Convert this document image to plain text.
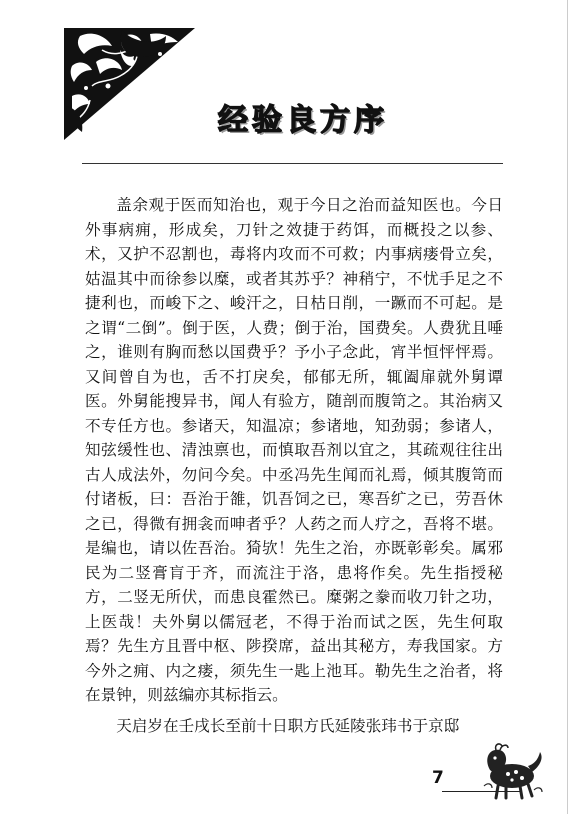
经验良方序

盖余观于医而知治也，观于今日之治而益知医也。今日外事病痈，形成矣，刀针之效捷于药饵，而概投之以参、术，又护不忍割也，毒将内攻而不可救；内事病瘘骨立矣，姑温其中而徐参以糜，或者其苏乎？神稍宁，不忧手足之不捷利也，而峻下之、峻汗之，日枯日削，一蹶而不可起。是之谓“二倒”。倒于医，人费；倒于治，国费矣。人费犹且唾之，谁则有胸而愁以国费乎？予小子念此，宵半恒怦怦焉。又间曾自为也，舌不打戾矣，郁郁无所，辄阖扉就外舅谭医。外舅能搜异书，闻人有验方，随剖而腹笥之。其治病又不专任方也。参诸天，知温凉；参诸地，知劲弱；参诸人，知弦缓性也、清浊禀也，而慎取吾剂以宜之，其疏观往往出古人成法外，勿问今矣。中丞冯先生闻而礼焉，倾其腹笥而付诸板，曰：吾治于雒，饥吾饲之已，寒吾纩之已，劳吾休之已，得微有拥衾而呻者乎？人药之而人疗之，吾将不堪。是编也，请以佐吾治。猗欤！先生之治，亦既彰彰矣。属邪民为二竖膏肓于齐，而流注于洛，患将作矣。先生指授秘方，二竖无所伏，而患良霍然已。糜粥之豢而收刀针之功，上医哉！夫外舅以儒冠老，不得于治而试之医，先生何取焉？先生方且晋中枢、陟揆席，益出其秘方，寿我国家。方今外之痈、内之瘘，须先生一匙上池耳。勒先生之治者，将在景钟，则兹编亦其标指云。

天启岁在壬戌长至前十日职方氏延陵张玮书于京邸

7
